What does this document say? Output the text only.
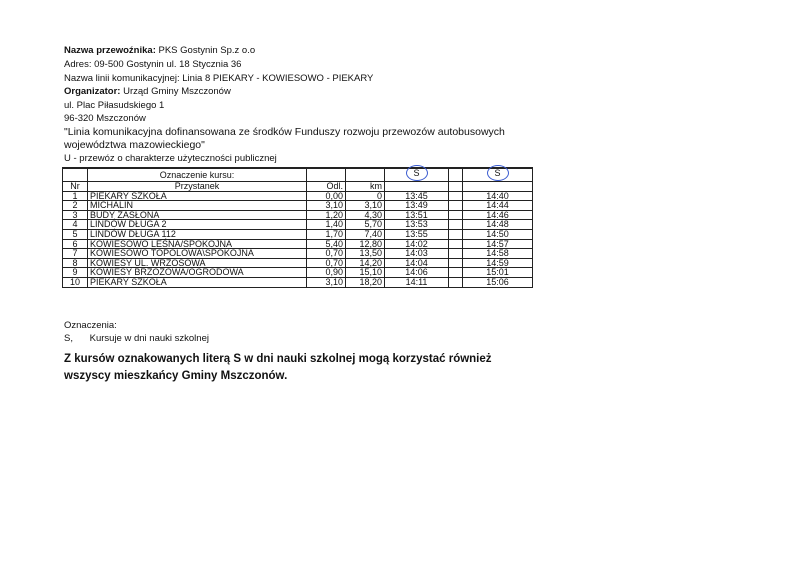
Nazwa przewoźnika: PKS Gostynin Sp.z o.o
Adres: 09-500 Gostynin ul. 18 Stycznia 36
Nazwa linii komunikacyjnej: Linia 8 PIEKARY - KOWIESOWO - PIEKARY
Organizator: Urząd Gminy Mszczonów
ul. Plac Piłasudskiego 1
96-320 Mszczonów
"Linia komunikacyjna dofinansowana ze środków Funduszy rozwoju przewozów autobusowych
województwa mazowieckiego"
U - przewóz o charakterze użyteczności publicznej
	Oznaczenie kursu:			S		S
Nr	Przystanek	Odl.	km			
1	PIEKARY SZKOŁA	0,00	0	13:45		14:40
2	MICHALIN	3,10	3,10	13:49		14:44
3	BUDY ZASŁONA	1,20	4,30	13:51		14:46
4	LINDÓW DŁUGA 2	1,40	5,70	13:53		14:48
5	LINDÓW DŁUGA 112	1,70	7,40	13:55		14:50
6	KOWIESOWO LEŚNA/SPOKOJNA	5,40	12,80	14:02		14:57
7	KOWIESOWO TOPOLOWA\SPOKOJNA	0,70	13,50	14:03		14:58
8	KOWIESY UL. WRZOSOWA	0,70	14,20	14:04		14:59
9	KOWIESY BRZOZOWA/OGRODOWA	0,90	15,10	14:06		15:01
10	PIEKARY SZKOŁA	3,10	18,20	14:11		15:06
Oznaczenia:
S, Kursuje w dni nauki szkolnej
Z kursów oznakowanych literą S w dni nauki szkolnej mogą korzystać również
wszyscy mieszkańcy Gminy Mszczonów.
